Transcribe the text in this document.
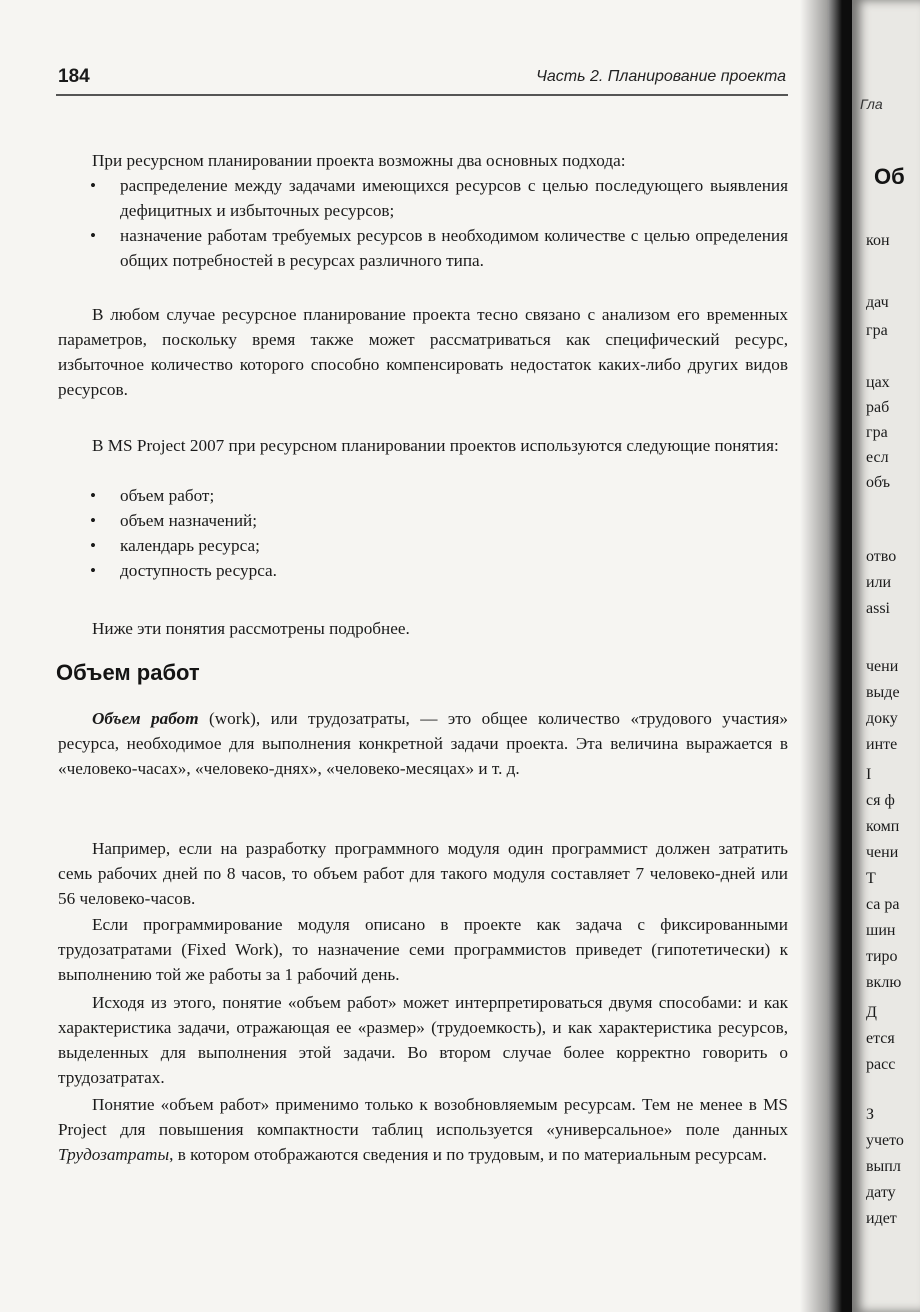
184	Часть 2. Планирование проекта
При ресурсном планировании проекта возможны два основных подхода:
• распределение между задачами имеющихся ресурсов с целью последующего выявления дефицитных и избыточных ресурсов;
• назначение работам требуемых ресурсов в необходимом количестве с целью определения общих потребностей в ресурсах различного типа.
В любом случае ресурсное планирование проекта тесно связано с анализом его временных параметров, поскольку время также может рассматриваться как специфический ресурс, избыточное количество которого способно компенсировать недостаток каких-либо других видов ресурсов.
В MS Project 2007 при ресурсном планировании проектов используются следующие понятия:
• объем работ;
• объем назначений;
• календарь ресурса;
• доступность ресурса.
Ниже эти понятия рассмотрены подробнее.
Объем работ
Объем работ (work), или трудозатраты, — это общее количество «трудового участия» ресурса, необходимое для выполнения конкретной задачи проекта. Эта величина выражается в «человеко-часах», «человеко-днях», «человеко-месяцах» и т. д.
Например, если на разработку программного модуля один программист должен затратить семь рабочих дней по 8 часов, то объем работ для такого модуля составляет 7 человеко-дней или 56 человеко-часов.
Если программирование модуля описано в проекте как задача с фиксированными трудозатратами (Fixed Work), то назначение семи программистов приведет (гипотетически) к выполнению той же работы за 1 рабочий день.
Исходя из этого, понятие «объем работ» может интерпретироваться двумя способами: и как характеристика задачи, отражающая ее «размер» (трудоемкость), и как характеристика ресурсов, выделенных для выполнения этой задачи. Во втором случае более корректно говорить о трудозатратах.
Понятие «объем работ» применимо только к возобновляемым ресурсам. Тем не менее в MS Project для повышения компактности таблиц используется «универсальное» поле данных Трудозатраты, в котором отображаются сведения и по трудовым, и по материальным ресурсам.
Гла
Об
кон
дач
гра
цах
раб
гра
есл
объ
отво
или
assi
чени
выде
доку
инте
I
ся ф
комп
чени
Т
са ра
шин
тиро
вклю
Д
ется
расс
З
учето
выпл
дату
идет
